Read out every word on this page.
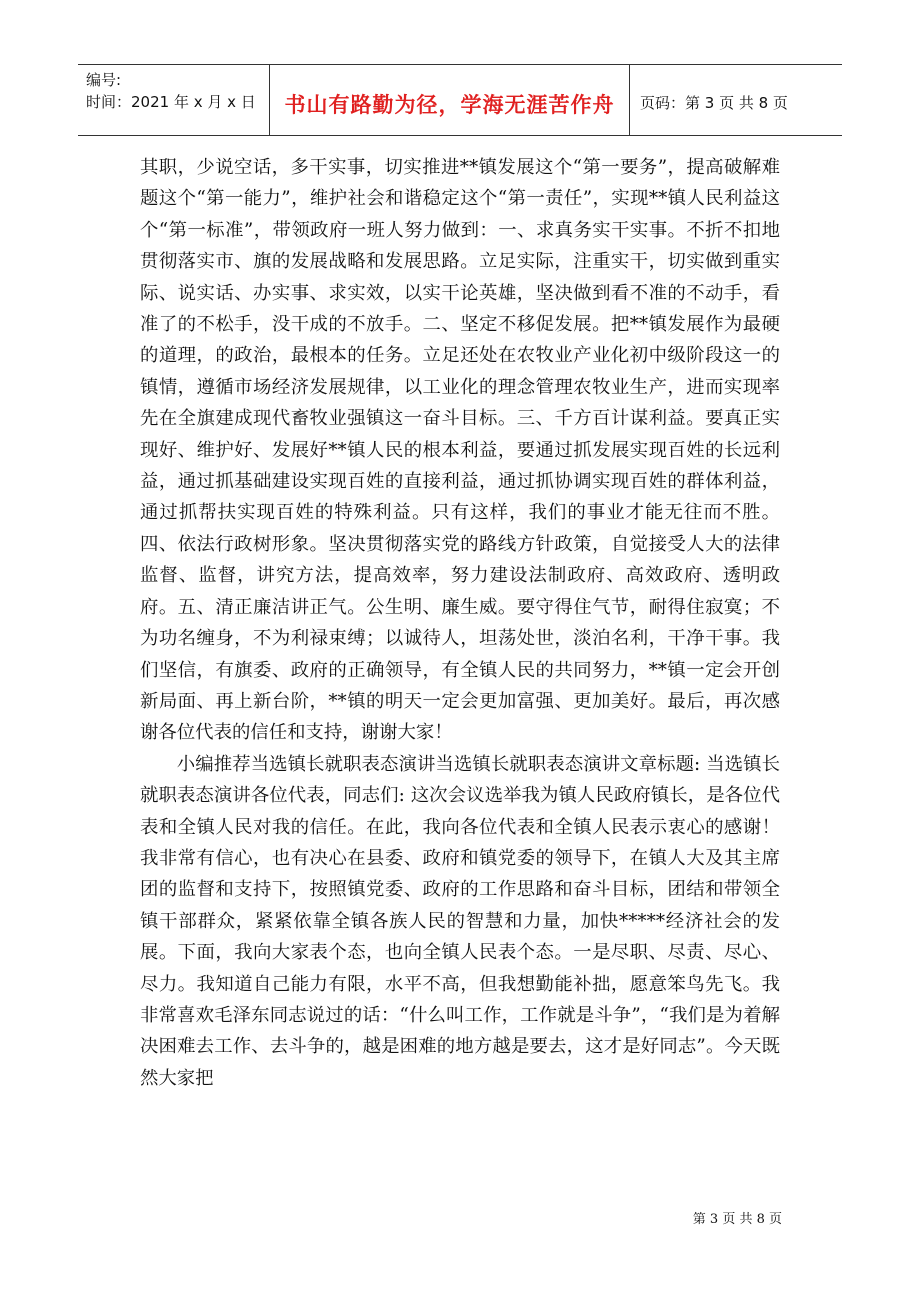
编号:
时间：2021 年 x 月 x 日	书山有路勤为径，学海无涯苦作舟	页码：第 3 页 共 8 页

其职，少说空话，多干实事，切实推进**镇发展这个“第一要务”，提高破解难题这个“第一能力”，维护社会和谐稳定这个“第一责任”，实现**镇人民利益这个“第一标准”，带领政府一班人努力做到：一、求真务实干实事。不折不扣地贯彻落实市、旗的发展战略和发展思路。立足实际，注重实干，切实做到重实际、说实话、办实事、求实效，以实干论英雄，坚决做到看不准的不动手，看准了的不松手，没干成的不放手。二、坚定不移促发展。把**镇发展作为最硬的道理，的政治，最根本的任务。立足还处在农牧业产业化初中级阶段这一的镇情，遵循市场经济发展规律，以工业化的理念管理农牧业生产，进而实现率先在全旗建成现代畜牧业强镇这一奋斗目标。三、千方百计谋利益。要真正实现好、维护好、发展好**镇人民的根本利益，要通过抓发展实现百姓的长远利益，通过抓基础建设实现百姓的直接利益，通过抓协调实现百姓的群体利益，通过抓帮扶实现百姓的特殊利益。只有这样，我们的事业才能无往而不胜。四、依法行政树形象。坚决贯彻落实党的路线方针政策，自觉接受人大的法律监督、监督，讲究方法，提高效率，努力建设法制政府、高效政府、透明政府。五、清正廉洁讲正气。公生明、廉生威。要守得住气节，耐得住寂寞；不为功名缠身，不为利禄束缚；以诚待人，坦荡处世，淡泊名利，干净干事。我们坚信，有旗委、政府的正确领导，有全镇人民的共同努力，**镇一定会开创新局面、再上新台阶，**镇的明天一定会更加富强、更加美好。最后，再次感谢各位代表的信任和支持，谢谢大家！

小编推荐当选镇长就职表态演讲当选镇长就职表态演讲文章标题: 当选镇长就职表态演讲各位代表，同志们: 这次会议选举我为镇人民政府镇长，是各位代表和全镇人民对我的信任。在此，我向各位代表和全镇人民表示衷心的感谢！我非常有信心，也有决心在县委、政府和镇党委的领导下，在镇人大及其主席团的监督和支持下，按照镇党委、政府的工作思路和奋斗目标，团结和带领全镇干部群众，紧紧依靠全镇各族人民的智慧和力量，加快*****经济社会的发展。下面，我向大家表个态，也向全镇人民表个态。一是尽职、尽责、尽心、尽力。我知道自己能力有限，水平不高，但我想勤能补拙，愿意笨鸟先飞。我非常喜欢毛泽东同志说过的话：“什么叫工作，工作就是斗争”，“我们是为着解决困难去工作、去斗争的，越是困难的地方越是要去，这才是好同志”。今天既然大家把

第 3 页 共 8 页
